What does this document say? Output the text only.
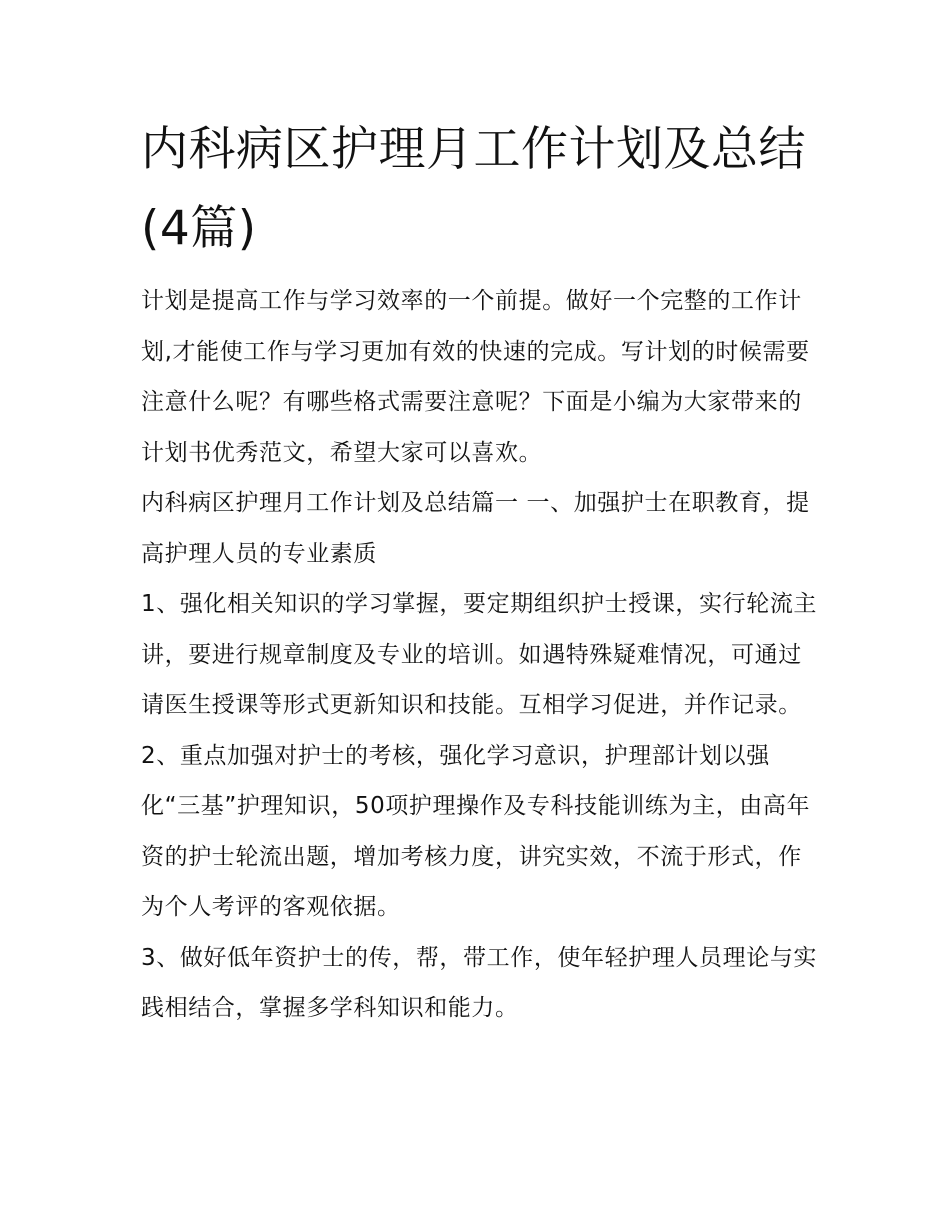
内科病区护理月工作计划及总结(4篇)

计划是提高工作与学习效率的一个前提。做好一个完整的工作计划,才能使工作与学习更加有效的快速的完成。写计划的时候需要注意什么呢？有哪些格式需要注意呢？下面是小编为大家带来的计划书优秀范文，希望大家可以喜欢。

内科病区护理月工作计划及总结篇一 一、加强护士在职教育，提高护理人员的专业素质

1、强化相关知识的学习掌握，要定期组织护士授课，实行轮流主讲，要进行规章制度及专业的培训。如遇特殊疑难情况，可通过请医生授课等形式更新知识和技能。互相学习促进，并作记录。

2、重点加强对护士的考核，强化学习意识，护理部计划以强化“三基”护理知识，50项护理操作及专科技能训练为主，由高年资的护士轮流出题，增加考核力度，讲究实效，不流于形式，作为个人考评的客观依据。

3、做好低年资护士的传，帮，带工作，使年轻护理人员理论与实践相结合，掌握多学科知识和能力。
